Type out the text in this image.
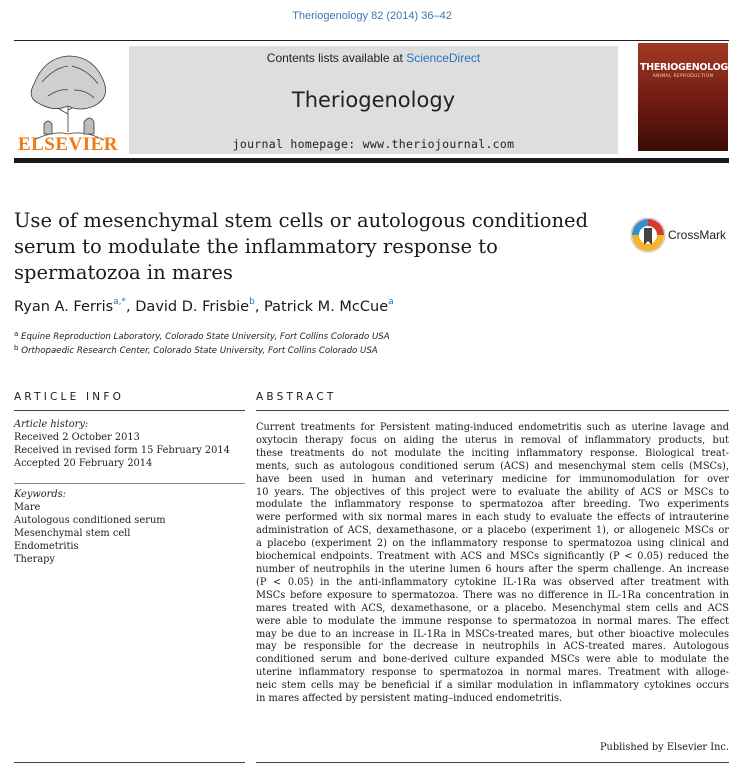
Theriogenology 82 (2014) 36–42
ELSEVIER
Contents lists available at ScienceDirect
Theriogenology
journal homepage: www.theriojournal.com
THERIOGENOLOGY
ANIMAL REPRODUCTION
Use of mesenchymal stem cells or autologous conditioned
serum to modulate the inflammatory response to
spermatozoa in mares
CrossMark
Ryan A. Ferris$^{a,*}$, David D. Frisbie$^b$, Patrick M. McCue$^a$
$^a$ Equine Reproduction Laboratory, Colorado State University, Fort Collins Colorado USA
$^b$ Orthopaedic Research Center, Colorado State University, Fort Collins Colorado USA
ARTICLE INFO
Article history:
Received 2 October 2013
Received in revised form 15 February 2014
Accepted 20 February 2014
Keywords:
Mare
Autologous conditioned serum
Mesenchymal stem cell
Endometritis
Therapy
ABSTRACT
Current treatments for Persistent mating-induced endometritis such as uterine lavage and
oxytocin therapy focus on aiding the uterus in removal of inflammatory products, but
these treatments do not modulate the inciting inflammatory response. Biological treat-
ments, such as autologous conditioned serum (ACS) and mesenchymal stem cells (MSCs),
have been used in human and veterinary medicine for immunomodulation for over
10 years. The objectives of this project were to evaluate the ability of ACS or MSCs to
modulate the inflammatory response to spermatozoa after breeding. Two experiments
were performed with six normal mares in each study to evaluate the effects of intrauterine
administration of ACS, dexamethasone, or a placebo (experiment 1), or allogeneic MSCs or
a placebo (experiment 2) on the inflammatory response to spermatozoa using clinical and
biochemical endpoints. Treatment with ACS and MSCs significantly (P < 0.05) reduced the
number of neutrophils in the uterine lumen 6 hours after the sperm challenge. An increase
(P < 0.05) in the anti-inflammatory cytokine IL-1Ra was observed after treatment with
MSCs before exposure to spermatozoa. There was no difference in IL-1Ra concentration in
mares treated with ACS, dexamethasone, or a placebo. Mesenchymal stem cells and ACS
were able to modulate the immune response to spermatozoa in normal mares. The effect
may be due to an increase in IL-1Ra in MSCs-treated mares, but other bioactive molecules
may be responsible for the decrease in neutrophils in ACS-treated mares. Autologous
conditioned serum and bone-derived culture expanded MSCs were able to modulate the
uterine inflammatory response to spermatozoa in normal mares. Treatment with alloge-
neic stem cells may be beneficial if a similar modulation in inflammatory cytokines occurs
in mares affected by persistent mating–induced endometritis.
Published by Elsevier Inc.
